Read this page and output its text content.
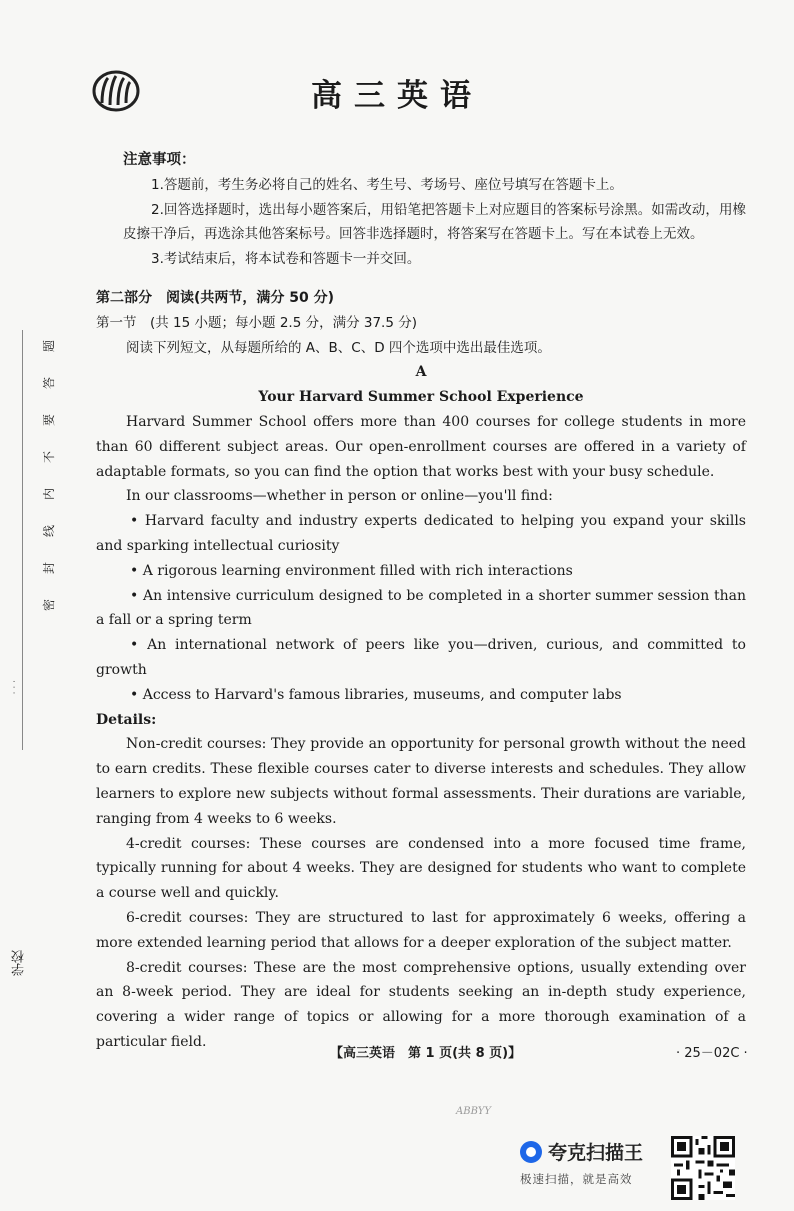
· · ·
题
答
要
不
内
线
封
密
学校
高三英语
注意事项：

1.答题前，考生务必将自己的姓名、考生号、考场号、座位号填写在答题卡上。

2.回答选择题时，选出每小题答案后，用铅笔把答题卡上对应题目的答案标号涂黑。如需改动，用橡皮擦干净后，再选涂其他答案标号。回答非选择题时，将答案写在答题卡上。写在本试卷上无效。

3.考试结束后，将本试卷和答题卡一并交回。

第二部分　阅读(共两节，满分 50 分)
第一节　(共 15 小题；每小题 2.5 分，满分 37.5 分)
阅读下列短文，从每题所给的 A、B、C、D 四个选项中选出最佳选项。
A
Your Harvard Summer School Experience

Harvard Summer School offers more than 400 courses for college students in more than 60 different subject areas. Our open-enrollment courses are offered in a variety of adaptable formats, so you can find the option that works best with your busy schedule.

In our classrooms—whether in person or online—you'll find:

• Harvard faculty and industry experts dedicated to helping you expand your skills and sparking intellectual curiosity

• A rigorous learning environment filled with rich interactions

• An intensive curriculum designed to be completed in a shorter summer session than a fall or a spring term

• An international network of peers like you—driven, curious, and committed to growth

• Access to Harvard's famous libraries, museums, and computer labs

Details:

Non-credit courses: They provide an opportunity for personal growth without the need to earn credits. These flexible courses cater to diverse interests and schedules. They allow learners to explore new subjects without formal assessments. Their durations are variable, ranging from 4 weeks to 6 weeks.

4-credit courses: These courses are condensed into a more focused time frame, typically running for about 4 weeks. They are designed for students who want to complete a course well and quickly.

6-credit courses: They are structured to last for approximately 6 weeks, offering a more extended learning period that allows for a deeper exploration of the subject matter.

8-credit courses: These are the most comprehensive options, usually extending over an 8-week period. They are ideal for students seeking an in-depth study experience, covering a wider range of topics or allowing for a more thorough examination of a particular field.

【高三英语　第 1 页(共 8 页)】	· 25－02C ·
ABBYY
夸克扫描王
极速扫描，就是高效
